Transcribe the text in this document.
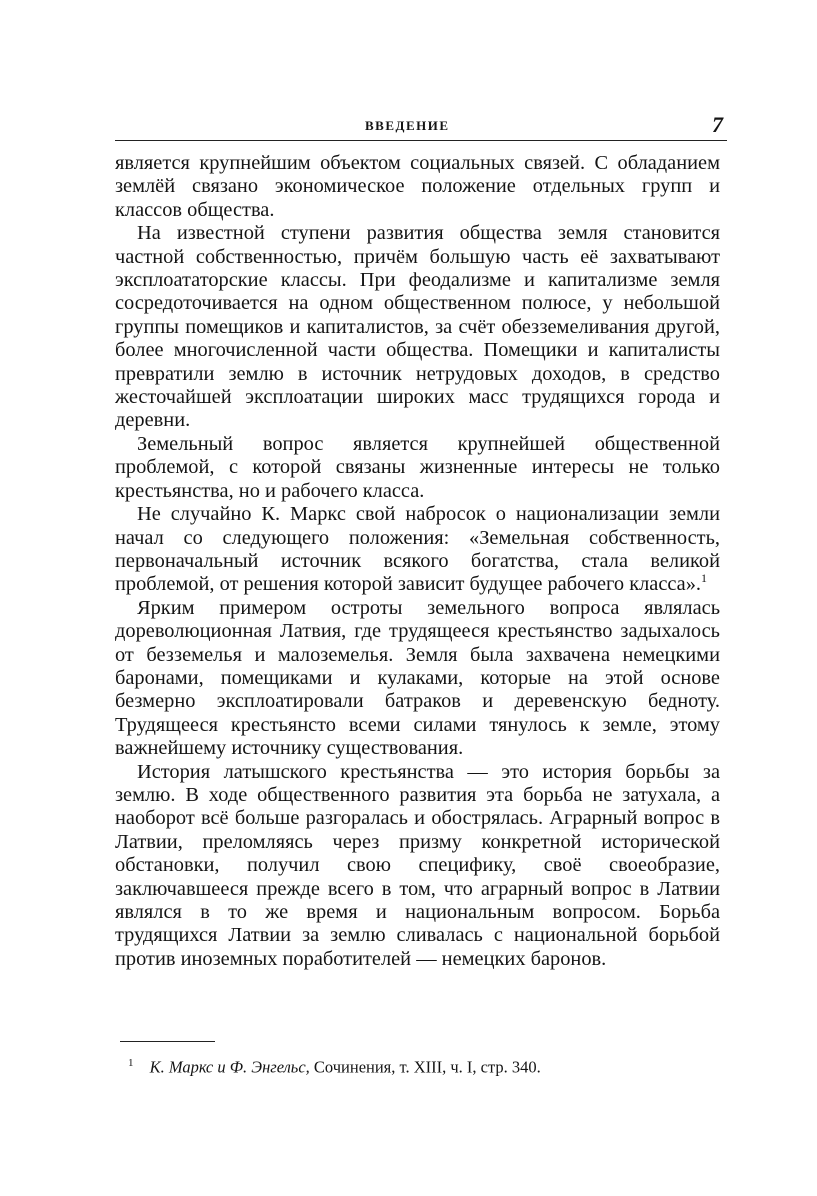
ВВЕДЕНИЕ	7

является крупнейшим объектом социальных связей. С обладанием землёй связано экономическое положение отдельных групп и классов общества.

На известной ступени развития общества земля становится частной собственностью, причём большую часть её захватывают эксплоататорские классы. При феодализме и капитализме земля сосредоточивается на одном общественном полюсе, у небольшой группы помещиков и капиталистов, за счёт обезземеливания другой, более многочисленной части общества. Помещики и капиталисты превратили землю в источник нетрудовых доходов, в средство жесточайшей эксплоатации широких масс трудящихся города и деревни.

Земельный вопрос является крупнейшей общественной проблемой, с которой связаны жизненные интересы не только крестьянства, но и рабочего класса.

Не случайно К. Маркс свой набросок о национализации земли начал со следующего положения: «Земельная собственность, первоначальный источник всякого богатства, стала великой проблемой, от решения которой зависит будущее рабочего класса».$^1$

Ярким примером остроты земельного вопроса являлась дореволюционная Латвия, где трудящееся крестьянство задыхалось от безземелья и малоземелья. Земля была захвачена немецкими баронами, помещиками и кулаками, которые на этой основе безмерно эксплоатировали батраков и деревенскую бедноту. Трудящееся крестьянсто всеми силами тянулось к земле, этому важнейшему источнику существования.

История латышского крестьянства — это история борьбы за землю. В ходе общественного развития эта борьба не затухала, а наоборот всё больше разгоралась и обострялась. Аграрный вопрос в Латвии, преломляясь через призму конкретной исторической обстановки, получил свою специфику, своё своеобразие, заключавшееся прежде всего в том, что аграрный вопрос в Латвии являлся в то же время и национальным вопросом. Борьба трудящихся Латвии за землю сливалась с национальной борьбой против иноземных поработителей — немецких баронов.

$^1$ К. Маркс и Ф. Энгельс, Сочинения, т. XIII, ч. I, стр. 340.
